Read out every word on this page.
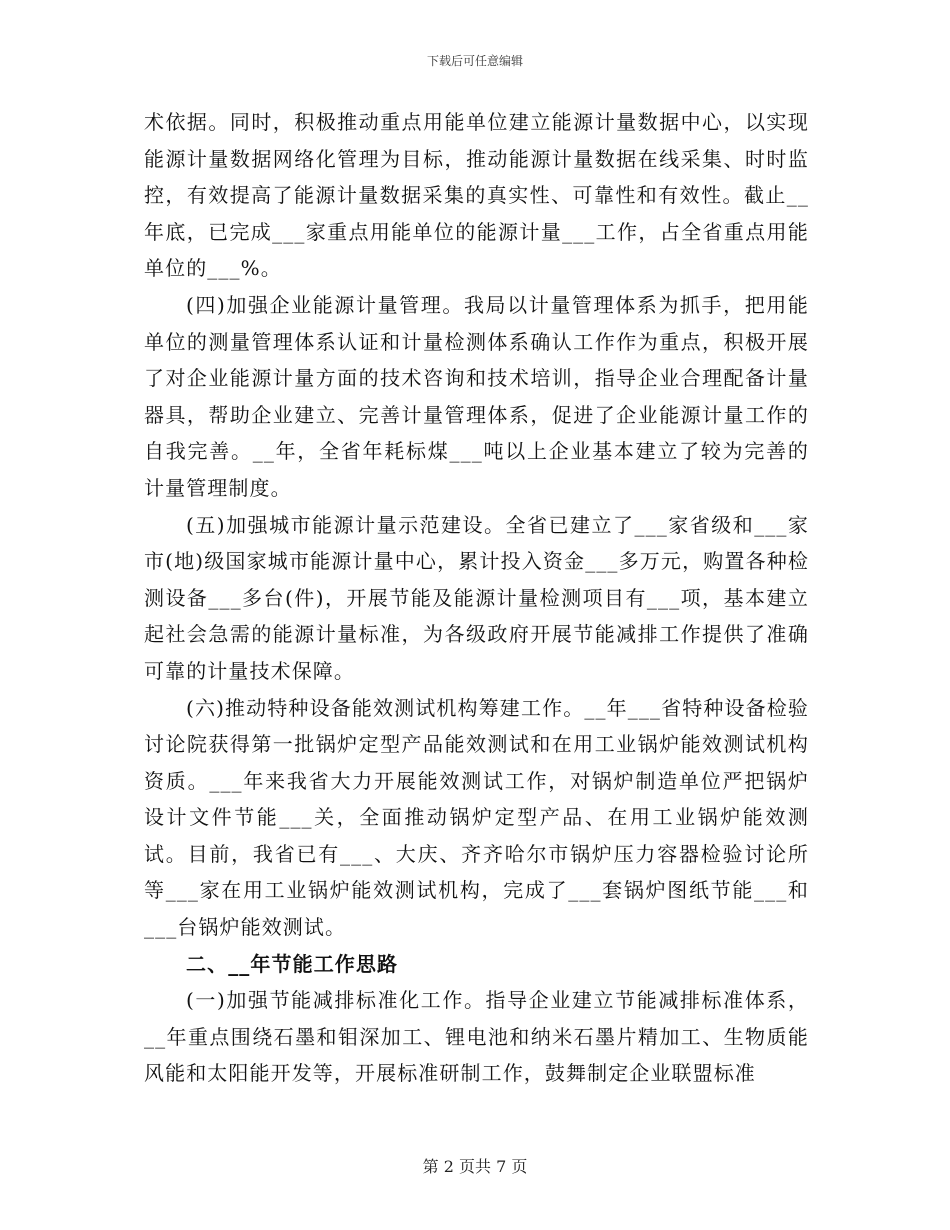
下载后可任意编辑

术依据。同时，积极推动重点用能单位建立能源计量数据中心，以实现能源计量数据网络化管理为目标，推动能源计量数据在线采集、时时监控，有效提高了能源计量数据采集的真实性、可靠性和有效性。截止__年底，已完成___家重点用能单位的能源计量___工作，占全省重点用能单位的___%。

(四)加强企业能源计量管理。我局以计量管理体系为抓手，把用能单位的测量管理体系认证和计量检测体系确认工作作为重点，积极开展了对企业能源计量方面的技术咨询和技术培训，指导企业合理配备计量器具，帮助企业建立、完善计量管理体系，促进了企业能源计量工作的自我完善。__年，全省年耗标煤___吨以上企业基本建立了较为完善的计量管理制度。

(五)加强城市能源计量示范建设。全省已建立了___家省级和___家市(地)级国家城市能源计量中心，累计投入资金___多万元，购置各种检测设备___多台(件)，开展节能及能源计量检测项目有___项，基本建立起社会急需的能源计量标准，为各级政府开展节能减排工作提供了准确可靠的计量技术保障。

(六)推动特种设备能效测试机构筹建工作。__年___省特种设备检验讨论院获得第一批锅炉定型产品能效测试和在用工业锅炉能效测试机构资质。___年来我省大力开展能效测试工作，对锅炉制造单位严把锅炉设计文件节能___关，全面推动锅炉定型产品、在用工业锅炉能效测试。目前，我省已有___、大庆、齐齐哈尔市锅炉压力容器检验讨论所等___家在用工业锅炉能效测试机构，完成了___套锅炉图纸节能___和___台锅炉能效测试。

二、__年节能工作思路

(一)加强节能减排标准化工作。指导企业建立节能减排标准体系，__年重点围绕石墨和钼深加工、锂电池和纳米石墨片精加工、生物质能风能和太阳能开发等，开展标准研制工作，鼓舞制定企业联盟标准

第 2 页共 7 页
